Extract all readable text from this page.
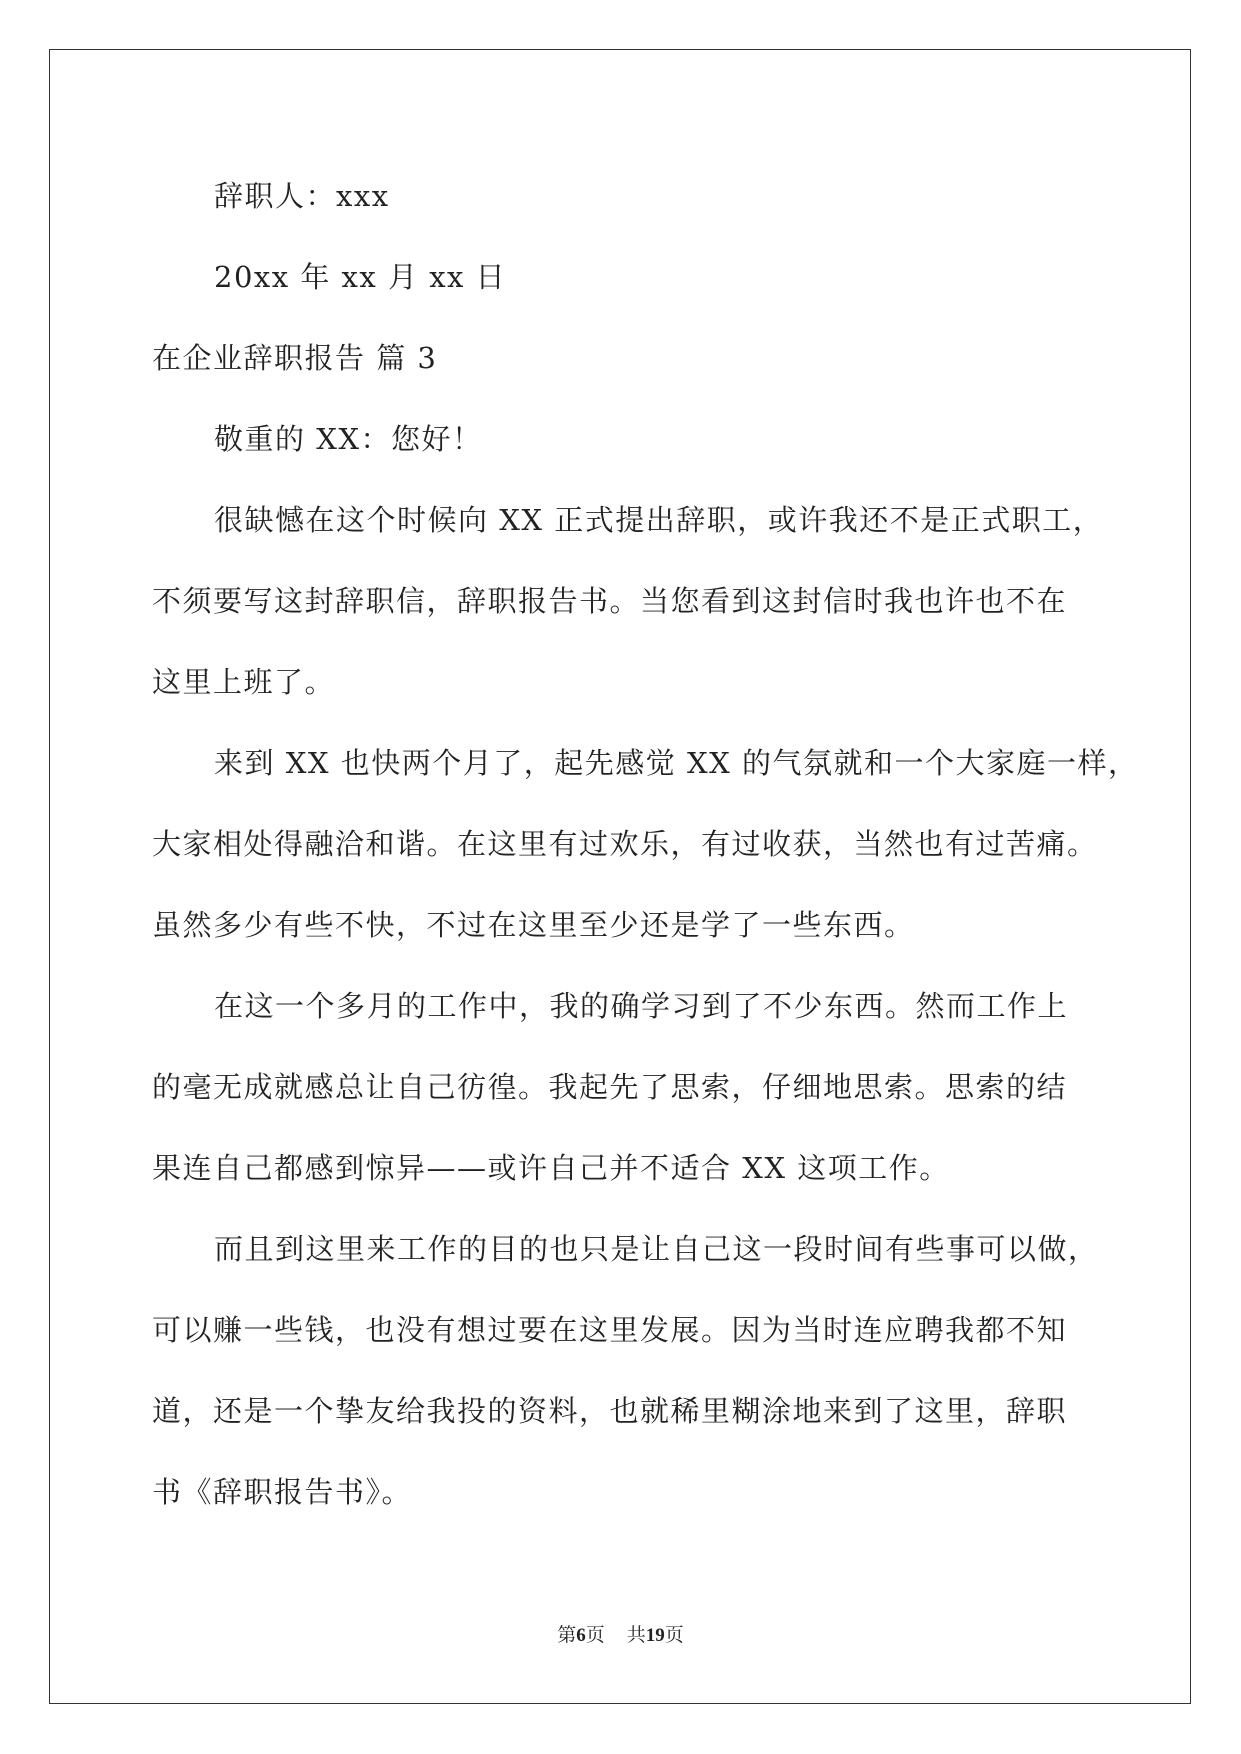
辞职人：xxx
20xx 年 xx 月 xx 日
在企业辞职报告 篇 3
敬重的 XX：您好！
很缺憾在这个时候向 XX 正式提出辞职，或许我还不是正式职工，
不须要写这封辞职信，辞职报告书。当您看到这封信时我也许也不在
这里上班了。
来到 XX 也快两个月了，起先感觉 XX 的气氛就和一个大家庭一样，
大家相处得融洽和谐。在这里有过欢乐，有过收获，当然也有过苦痛。
虽然多少有些不快，不过在这里至少还是学了一些东西。
在这一个多月的工作中，我的确学习到了不少东西。然而工作上
的毫无成就感总让自己彷徨。我起先了思索，仔细地思索。思索的结
果连自己都感到惊异——或许自己并不适合 XX 这项工作。
而且到这里来工作的目的也只是让自己这一段时间有些事可以做，
可以赚一些钱，也没有想过要在这里发展。因为当时连应聘我都不知
道，还是一个挚友给我投的资料，也就稀里糊涂地来到了这里，辞职
书《辞职报告书》。
第6页 共19页
